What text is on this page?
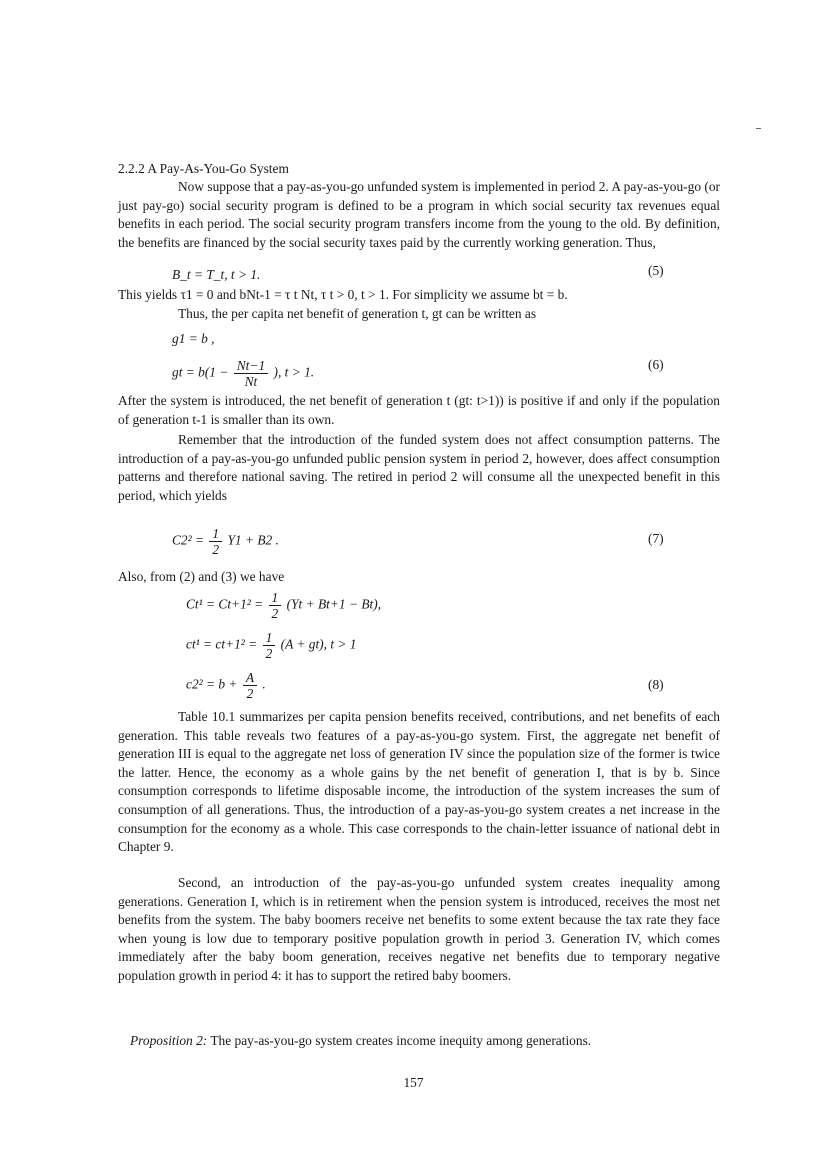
2.2.2 A Pay-As-You-Go System

Now suppose that a pay-as-you-go unfunded system is implemented in period 2. A pay-as-you-go (or just pay-go) social security program is defined to be a program in which social security tax revenues equal benefits in each period. The social security program transfers income from the young to the old. By definition, the benefits are financed by the social security taxes paid by the currently working generation. Thus,

B_t = T_t, t > 1.	(5)

This yields τ1 = 0 and bNt-1 = τ t Nt, τ t > 0, t > 1. For simplicity we assume bt = b.

Thus, the per capita net benefit of generation t, gt can be written as

g1 = b ,
gt = $b(1 - \frac{Nt-1}{Nt}$ ), t > 1.
(6)

After the system is introduced, the net benefit of generation t (gt: t>1)) is positive if and only if the population of generation t-1 is smaller than its own.

Remember that the introduction of the funded system does not affect consumption patterns. The introduction of a pay-as-you-go unfunded public pension system in period 2, however, does affect consumption patterns and therefore national saving. The retired in period 2 will consume all the unexpected benefit in this period, which yields

$C2^2 = \frac{1}{2} Y1 + B2$ .	(7)

Also, from (2) and (3) we have

$Ct^1 = Ct+1^2 = \frac{1}{2} (Yt + Bt+1 - Bt)$,
$ct^1 = ct+1^2 = \frac{1}{2} (A + gt)$, t > 1
$c2^2 = b + \frac{A}{2}$ .	(8)

Table 10.1 summarizes per capita pension benefits received, contributions, and net benefits of each generation. This table reveals two features of a pay-as-you-go system. First, the aggregate net benefit of generation III is equal to the aggregate net loss of generation IV since the population size of the former is twice the latter. Hence, the economy as a whole gains by the net benefit of generation I, that is by b. Since consumption corresponds to lifetime disposable income, the introduction of the system increases the sum of consumption of all generations. Thus, the introduction of a pay-as-you-go system creates a net increase in the consumption for the economy as a whole. This case corresponds to the chain-letter issuance of national debt in Chapter 9.

Second, an introduction of the pay-as-you-go unfunded system creates inequality among generations. Generation I, which is in retirement when the pension system is introduced, receives the most net benefits from the system. The baby boomers receive net benefits to some extent because the tax rate they face when young is low due to temporary positive population growth in period 3. Generation IV, which comes immediately after the baby boom generation, receives negative net benefits due to temporary negative population growth in period 4: it has to support the retired baby boomers.

Proposition 2: The pay-as-you-go system creates income inequity among generations.

157
